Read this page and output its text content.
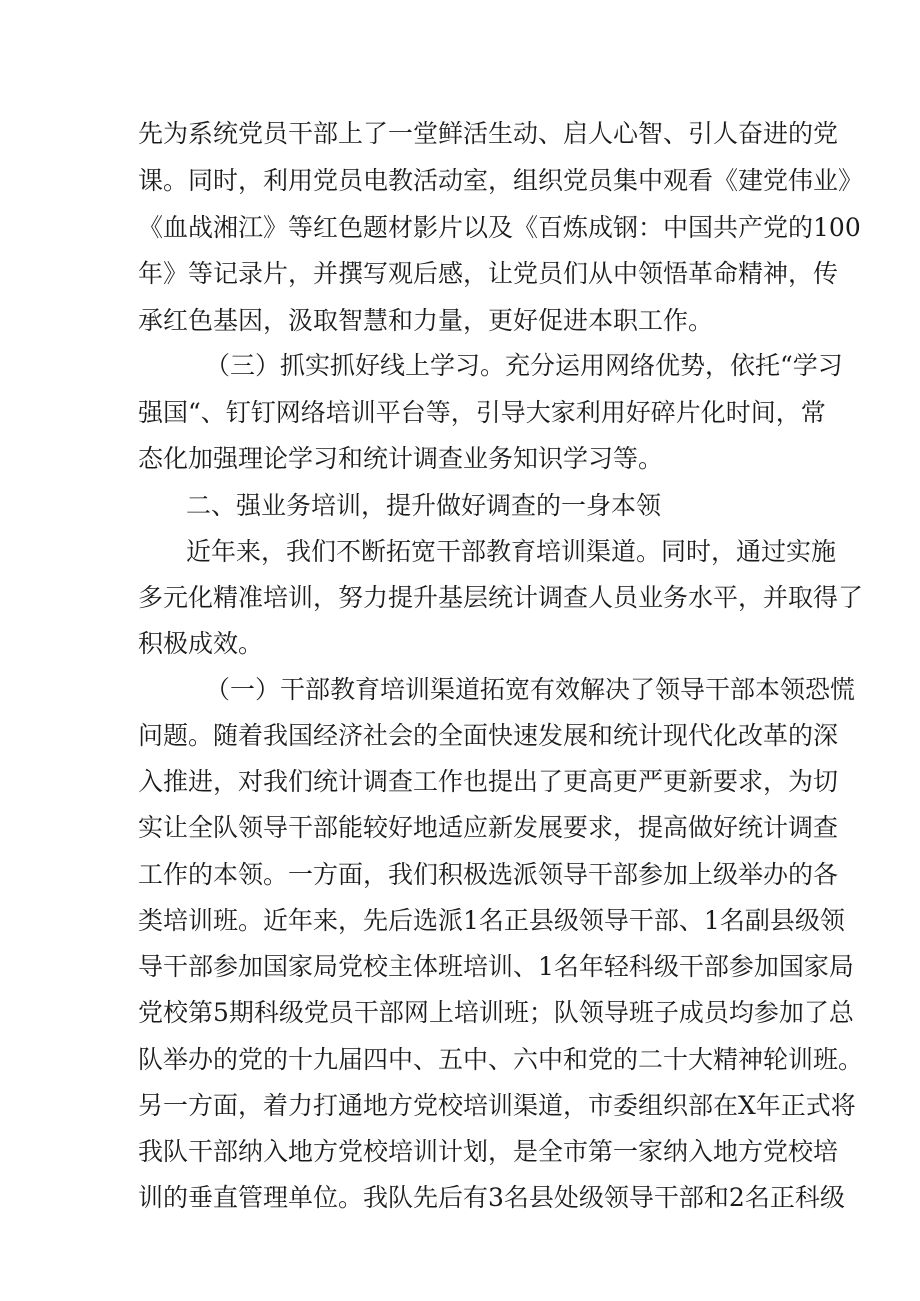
先为系统党员干部上了一堂鲜活生动、启人心智、引人奋进的党
课。同时，利用党员电教活动室，组织党员集中观看《建党伟业》
《血战湘江》等红色题材影片以及《百炼成钢：中国共产党的100
年》等记录片，并撰写观后感，让党员们从中领悟革命精神，传
承红色基因，汲取智慧和力量，更好促进本职工作。
（三）抓实抓好线上学习。充分运用网络优势，依托“学习
强国“、钉钉网络培训平台等，引导大家利用好碎片化时间，常
态化加强理论学习和统计调查业务知识学习等。
二、强业务培训，提升做好调查的一身本领
近年来，我们不断拓宽干部教育培训渠道。同时，通过实施
多元化精准培训，努力提升基层统计调查人员业务水平，并取得了
积极成效。
（一）干部教育培训渠道拓宽有效解决了领导干部本领恐慌
问题。随着我国经济社会的全面快速发展和统计现代化改革的深
入推进，对我们统计调查工作也提出了更高更严更新要求，为切
实让全队领导干部能较好地适应新发展要求，提高做好统计调查
工作的本领。一方面，我们积极选派领导干部参加上级举办的各
类培训班。近年来，先后选派1名正县级领导干部、1名副县级领
导干部参加国家局党校主体班培训、1名年轻科级干部参加国家局
党校第5期科级党员干部网上培训班；队领导班子成员均参加了总
队举办的党的十九届四中、五中、六中和党的二十大精神轮训班。
另一方面，着力打通地方党校培训渠道，市委组织部在X年正式将
我队干部纳入地方党校培训计划，是全市第一家纳入地方党校培
训的垂直管理单位。我队先后有3名县处级领导干部和2名正科级
